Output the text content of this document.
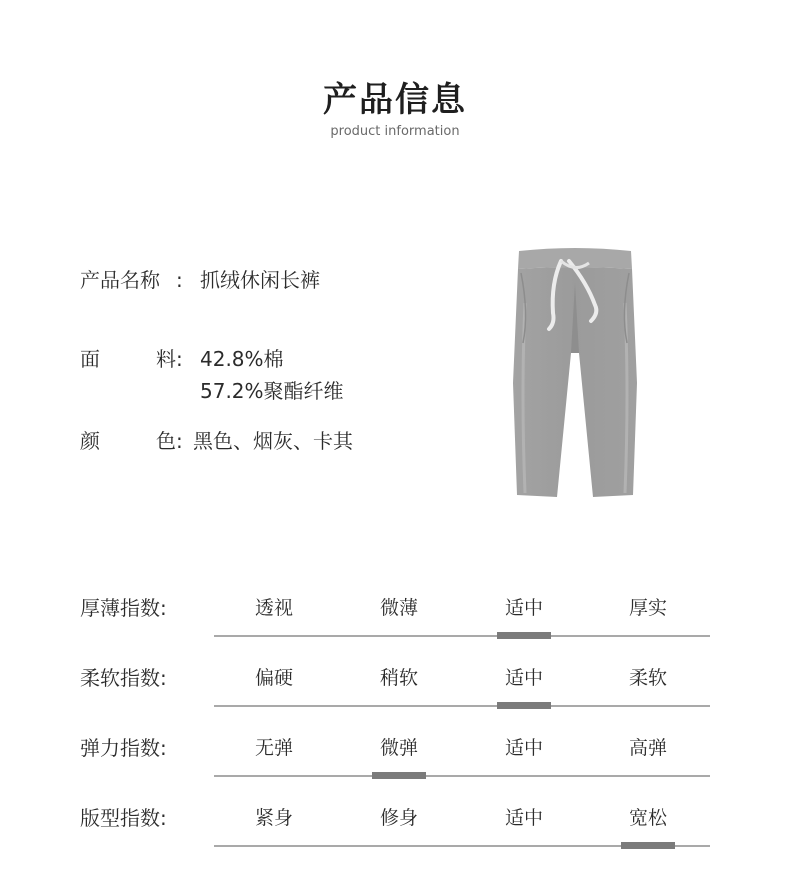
产品信息
product information
产品名称 : 抓绒休闲长裤
面	料 : 42.8%棉
57.2%聚酯纤维
颜	色 : 黑色、烟灰、卡其
厚薄指数:	透视	微薄	适中	厚实
柔软指数:	偏硬	稍软	适中	柔软
弹力指数:	无弹	微弹	适中	高弹
版型指数:	紧身	修身	适中	宽松
